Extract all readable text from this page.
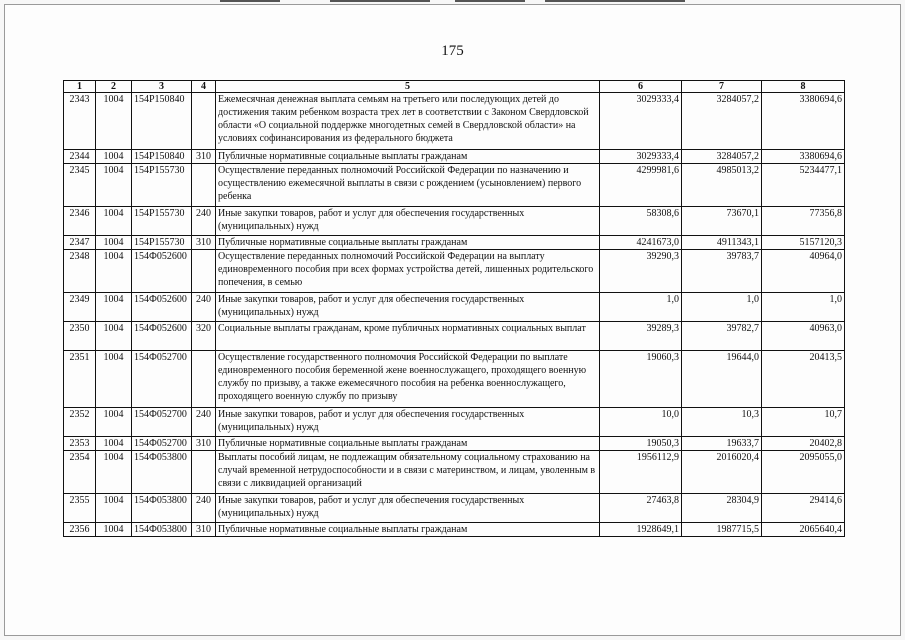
175
1	2	3	4	5	6	7	8
2343	1004	154P150840		Ежемесячная денежная выплата семьям на третьего или последующих детей до достижения таким ребенком возраста трех лет в соответствии с Законом Свердловской области «О социальной поддержке многодетных семей в Свердловской области» на условиях софинансирования из федерального бюджета	3029333,4	3284057,2	3380694,6
2344	1004	154P150840	310	Публичные нормативные социальные выплаты гражданам	3029333,4	3284057,2	3380694,6
2345	1004	154P155730		Осуществление переданных полномочий Российской Федерации по назначению и осуществлению ежемесячной выплаты в связи с рождением (усыновлением) первого ребенка	4299981,6	4985013,2	5234477,1
2346	1004	154P155730	240	Иные закупки товаров, работ и услуг для обеспечения государственных (муниципальных) нужд	58308,6	73670,1	77356,8
2347	1004	154P155730	310	Публичные нормативные социальные выплаты гражданам	4241673,0	4911343,1	5157120,3
2348	1004	154Ф052600		Осуществление переданных полномочий Российской Федерации на выплату единовременного пособия при всех формах устройства детей, лишенных родительского попечения, в семью	39290,3	39783,7	40964,0
2349	1004	154Ф052600	240	Иные закупки товаров, работ и услуг для обеспечения государственных (муниципальных) нужд	1,0	1,0	1,0
2350	1004	154Ф052600	320	Социальные выплаты гражданам, кроме публичных нормативных социальных выплат	39289,3	39782,7	40963,0
2351	1004	154Ф052700		Осуществление государственного полномочия Российской Федерации по выплате единовременного пособия беременной жене военнослужащего, проходящего военную службу по призыву, а также ежемесячного пособия на ребенка военнослужащего, проходящего военную службу по призыву	19060,3	19644,0	20413,5
2352	1004	154Ф052700	240	Иные закупки товаров, работ и услуг для обеспечения государственных (муниципальных) нужд	10,0	10,3	10,7
2353	1004	154Ф052700	310	Публичные нормативные социальные выплаты гражданам	19050,3	19633,7	20402,8
2354	1004	154Ф053800		Выплаты пособий лицам, не подлежащим обязательному социальному страхованию на случай временной нетрудоспособности и в связи с материнством, и лицам, уволенным в связи с ликвидацией организаций	1956112,9	2016020,4	2095055,0
2355	1004	154Ф053800	240	Иные закупки товаров, работ и услуг для обеспечения государственных (муниципальных) нужд	27463,8	28304,9	29414,6
2356	1004	154Ф053800	310	Публичные нормативные социальные выплаты гражданам	1928649,1	1987715,5	2065640,4
